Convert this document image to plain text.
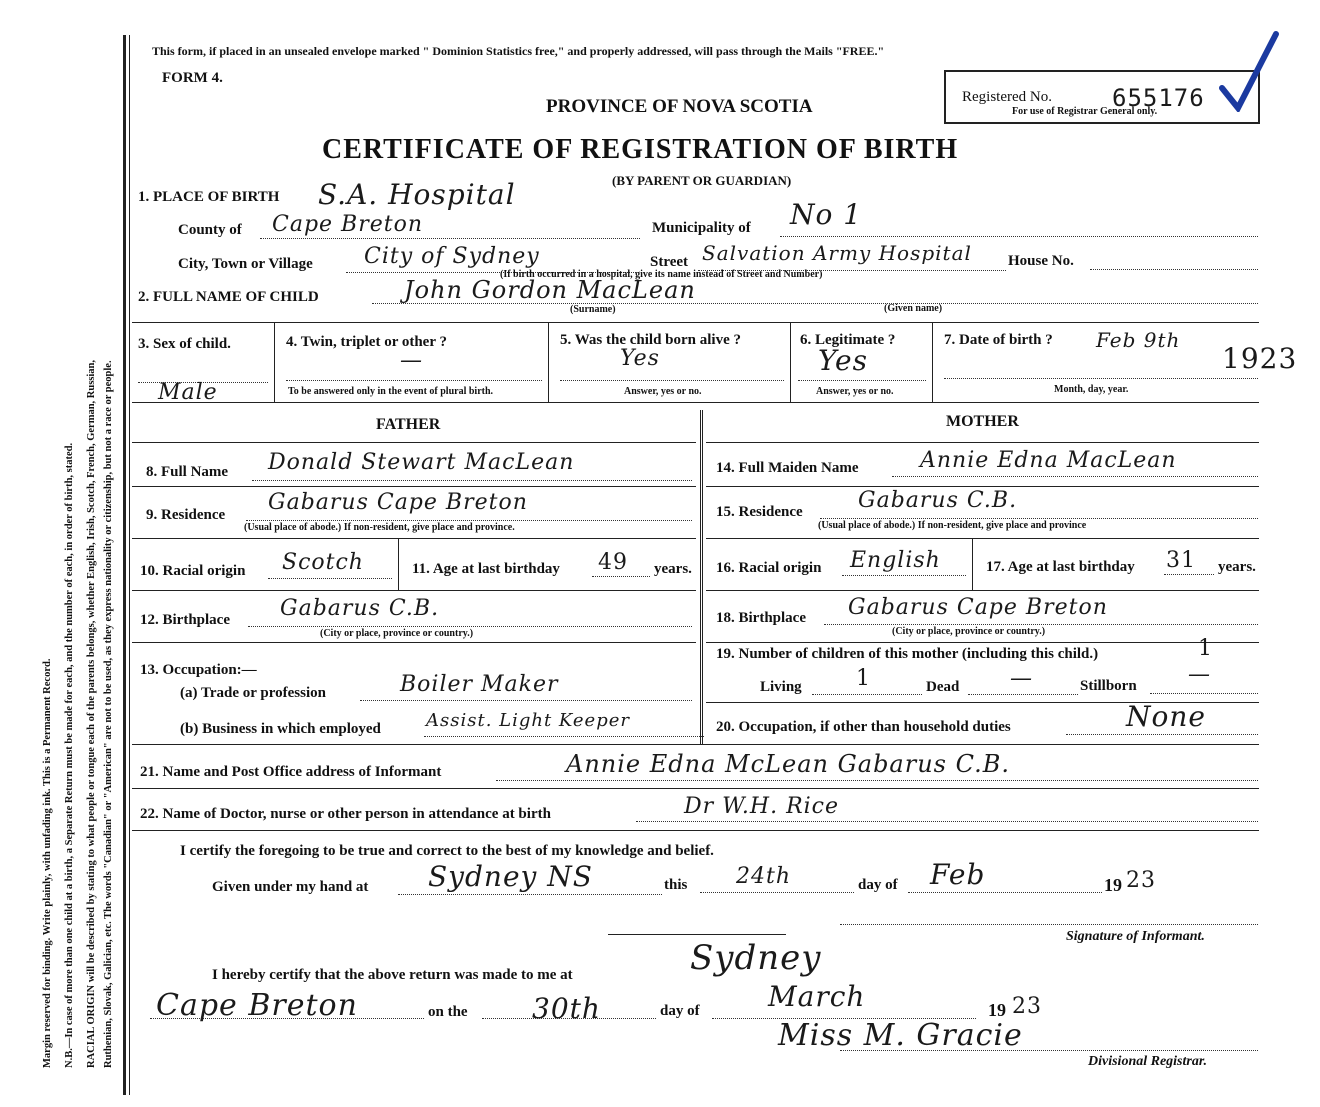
Margin reserved for binding. Write plainly, with unfading ink. This is a Permanent Record. N.B.—In case of more than one child at a birth, a Separate Return must be made for each, and the number of each, in order of birth, stated. RACIAL ORIGIN will be described by stating to what people or tongue each of the parents belongs, whether English, Irish, Scotch, French, German, Russian, Ruthenian, Slovak, Galician, etc. The words "Canadian" or "American" are not to be used, as they express nationality or citizenship, but not a race or people.
This form, if placed in an unsealed envelope marked " Dominion Statistics free," and properly addressed, will pass through the Mails "FREE."
FORM 4.
PROVINCE OF NOVA SCOTIA
CERTIFICATE OF REGISTRATION OF BIRTH
(BY PARENT OR GUARDIAN)
Registered No.	655176
For use of Registrar General only.
1. PLACE OF BIRTH S.A. Hospital
County of Cape Breton	Municipality of No 1
City, Town or Village City of Sydney	Street Salvation Army Hospital House No.
(If birth occurred in a hospital, give its name instead of Street and Number)
2. FULL NAME OF CHILD	John Gordon MacLean
(Surname)	(Given name)
3. Sex of child.
Male
4. Twin, triplet or other ?
—
To be answered only in the event of plural birth.
5. Was the child born alive ?
Yes
Answer, yes or no.
6. Legitimate ?
Yes
Answer, yes or no.
7. Date of birth ? Feb 9th
1923
Month, day, year.
FATHER	MOTHER
8. Full Name Donald Stewart MacLean
9. Residence Gabarus Cape Breton
(Usual place of abode.) If non-resident, give place and province.
10. Racial origin Scotch	11. Age at last birthday 49 years.
12. Birthplace Gabarus C.B.
(City or place, province or country.)
13. Occupation:—
(a) Trade or profession	Boiler Maker
(b) Business in which employed	Assist. Light Keeper
14. Full Maiden Name	Annie Edna MacLean
15. Residence	Gabarus C.B.
(Usual place of abode.) If non-resident, give place and province
16. Racial origin English	17. Age at last birthday 31 years.
18. Birthplace Gabarus Cape Breton
(City or place, province or country.)
19. Number of children of this mother (including this child.)	1
Living 1	Dead —	Stillborn —
20. Occupation, if other than household duties	None
21. Name and Post Office address of Informant	Annie Edna McLean Gabarus C.B.
22. Name of Doctor, nurse or other person in attendance at birth	Dr W.H. Rice
I certify the foregoing to be true and correct to the best of my knowledge and belief.
Given under my hand at Sydney NS	this 24th	day of Feb	19 23
Signature of Informant.
I hereby certify that the above return was made to me at	Sydney
Cape Breton	on the 30th	day of March	19 23
Miss M. Gracie
Divisional Registrar.
